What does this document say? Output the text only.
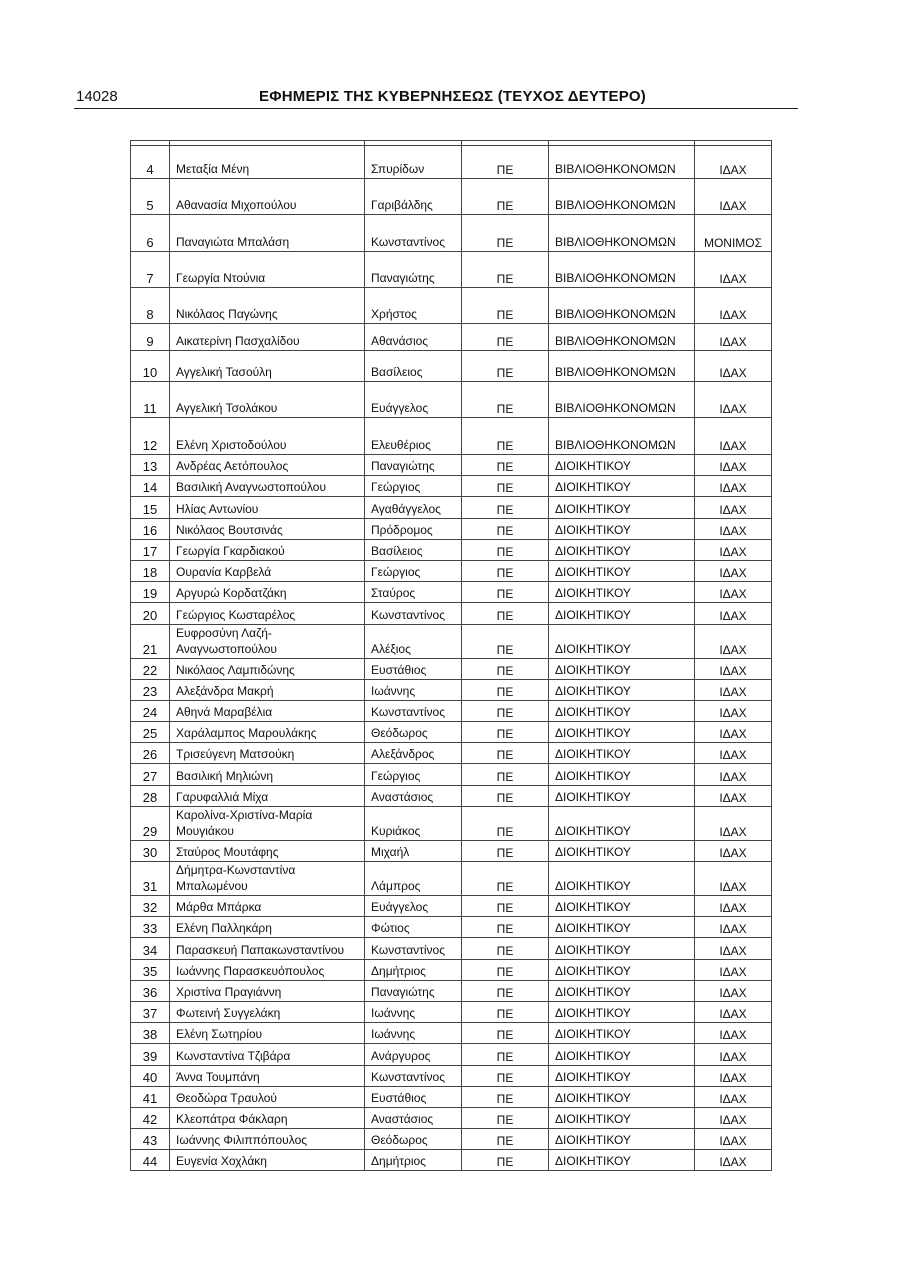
14028	ΕΦΗΜΕΡΙΣ ΤΗΣ ΚΥΒΕΡΝΗΣΕΩΣ (ΤΕΥΧΟΣ ΔΕΥΤΕΡΟ)

4	Μεταξία Μένη	Σπυρίδων	ΠΕ	ΒΙΒΛΙΟΘΗΚΟΝΟΜΩΝ	ΙΔΑΧ
5	Αθανασία Μιχοπούλου	Γαριβάλδης	ΠΕ	ΒΙΒΛΙΟΘΗΚΟΝΟΜΩΝ	ΙΔΑΧ
6	Παναγιώτα Μπαλάση	Κωνσταντίνος	ΠΕ	ΒΙΒΛΙΟΘΗΚΟΝΟΜΩΝ	ΜΟΝΙΜΟΣ
7	Γεωργία Ντούνια	Παναγιώτης	ΠΕ	ΒΙΒΛΙΟΘΗΚΟΝΟΜΩΝ	ΙΔΑΧ
8	Νικόλαος Παγώνης	Χρήστος	ΠΕ	ΒΙΒΛΙΟΘΗΚΟΝΟΜΩΝ	ΙΔΑΧ
9	Αικατερίνη Πασχαλίδου	Αθανάσιος	ΠΕ	ΒΙΒΛΙΟΘΗΚΟΝΟΜΩΝ	ΙΔΑΧ
10	Αγγελική Τασούλη	Βασίλειος	ΠΕ	ΒΙΒΛΙΟΘΗΚΟΝΟΜΩΝ	ΙΔΑΧ
11	Αγγελική Τσολάκου	Ευάγγελος	ΠΕ	ΒΙΒΛΙΟΘΗΚΟΝΟΜΩΝ	ΙΔΑΧ
12	Ελένη Χριστοδούλου	Ελευθέριος	ΠΕ	ΒΙΒΛΙΟΘΗΚΟΝΟΜΩΝ	ΙΔΑΧ
13	Ανδρέας Αετόπουλος	Παναγιώτης	ΠΕ	ΔΙΟΙΚΗΤΙΚΟΥ	ΙΔΑΧ
14	Βασιλική Αναγνωστοπούλου	Γεώργιος	ΠΕ	ΔΙΟΙΚΗΤΙΚΟΥ	ΙΔΑΧ
15	Ηλίας Αντωνίου	Αγαθάγγελος	ΠΕ	ΔΙΟΙΚΗΤΙΚΟΥ	ΙΔΑΧ
16	Νικόλαος Βουτσινάς	Πρόδρομος	ΠΕ	ΔΙΟΙΚΗΤΙΚΟΥ	ΙΔΑΧ
17	Γεωργία Γκαρδιακού	Βασίλειος	ΠΕ	ΔΙΟΙΚΗΤΙΚΟΥ	ΙΔΑΧ
18	Ουρανία Καρβελά	Γεώργιος	ΠΕ	ΔΙΟΙΚΗΤΙΚΟΥ	ΙΔΑΧ
19	Αργυρώ Κορδατζάκη	Σταύρος	ΠΕ	ΔΙΟΙΚΗΤΙΚΟΥ	ΙΔΑΧ
20	Γεώργιος Κωσταρέλος	Κωνσταντίνος	ΠΕ	ΔΙΟΙΚΗΤΙΚΟΥ	ΙΔΑΧ
21	Ευφροσύνη Λαζή-Αναγνωστοπούλου	Αλέξιος	ΠΕ	ΔΙΟΙΚΗΤΙΚΟΥ	ΙΔΑΧ
22	Νικόλαος Λαμπιδώνης	Ευστάθιος	ΠΕ	ΔΙΟΙΚΗΤΙΚΟΥ	ΙΔΑΧ
23	Αλεξάνδρα Μακρή	Ιωάννης	ΠΕ	ΔΙΟΙΚΗΤΙΚΟΥ	ΙΔΑΧ
24	Αθηνά Μαραβέλια	Κωνσταντίνος	ΠΕ	ΔΙΟΙΚΗΤΙΚΟΥ	ΙΔΑΧ
25	Χαράλαμπος Μαρουλάκης	Θεόδωρος	ΠΕ	ΔΙΟΙΚΗΤΙΚΟΥ	ΙΔΑΧ
26	Τρισεύγενη Ματσούκη	Αλεξάνδρος	ΠΕ	ΔΙΟΙΚΗΤΙΚΟΥ	ΙΔΑΧ
27	Βασιλική Μηλιώνη	Γεώργιος	ΠΕ	ΔΙΟΙΚΗΤΙΚΟΥ	ΙΔΑΧ
28	Γαρυφαλλιά Μίχα	Αναστάσιος	ΠΕ	ΔΙΟΙΚΗΤΙΚΟΥ	ΙΔΑΧ
29	Καρολίνα-Χριστίνα-Μαρία Μουγιάκου	Κυριάκος	ΠΕ	ΔΙΟΙΚΗΤΙΚΟΥ	ΙΔΑΧ
30	Σταύρος Μουτάφης	Μιχαήλ	ΠΕ	ΔΙΟΙΚΗΤΙΚΟΥ	ΙΔΑΧ
31	Δήμητρα-Κωνσταντίνα Μπαλωμένου	Λάμπρος	ΠΕ	ΔΙΟΙΚΗΤΙΚΟΥ	ΙΔΑΧ
32	Μάρθα Μπάρκα	Ευάγγελος	ΠΕ	ΔΙΟΙΚΗΤΙΚΟΥ	ΙΔΑΧ
33	Ελένη Παλληκάρη	Φώτιος	ΠΕ	ΔΙΟΙΚΗΤΙΚΟΥ	ΙΔΑΧ
34	Παρασκευή Παπακωνσταντίνου	Κωνσταντίνος	ΠΕ	ΔΙΟΙΚΗΤΙΚΟΥ	ΙΔΑΧ
35	Ιωάννης Παρασκευόπουλος	Δημήτριος	ΠΕ	ΔΙΟΙΚΗΤΙΚΟΥ	ΙΔΑΧ
36	Χριστίνα Πραγιάννη	Παναγιώτης	ΠΕ	ΔΙΟΙΚΗΤΙΚΟΥ	ΙΔΑΧ
37	Φωτεινή Συγγελάκη	Ιωάννης	ΠΕ	ΔΙΟΙΚΗΤΙΚΟΥ	ΙΔΑΧ
38	Ελένη Σωτηρίου	Ιωάννης	ΠΕ	ΔΙΟΙΚΗΤΙΚΟΥ	ΙΔΑΧ
39	Κωνσταντίνα Τζιβάρα	Ανάργυρος	ΠΕ	ΔΙΟΙΚΗΤΙΚΟΥ	ΙΔΑΧ
40	Άννα Τουμπάνη	Κωνσταντίνος	ΠΕ	ΔΙΟΙΚΗΤΙΚΟΥ	ΙΔΑΧ
41	Θεοδώρα Τραυλού	Ευστάθιος	ΠΕ	ΔΙΟΙΚΗΤΙΚΟΥ	ΙΔΑΧ
42	Κλεοπάτρα Φάκλαρη	Αναστάσιος	ΠΕ	ΔΙΟΙΚΗΤΙΚΟΥ	ΙΔΑΧ
43	Ιωάννης Φιλιππόπουλος	Θεόδωρος	ΠΕ	ΔΙΟΙΚΗΤΙΚΟΥ	ΙΔΑΧ
44	Ευγενία Χοχλάκη	Δημήτριος	ΠΕ	ΔΙΟΙΚΗΤΙΚΟΥ	ΙΔΑΧ
